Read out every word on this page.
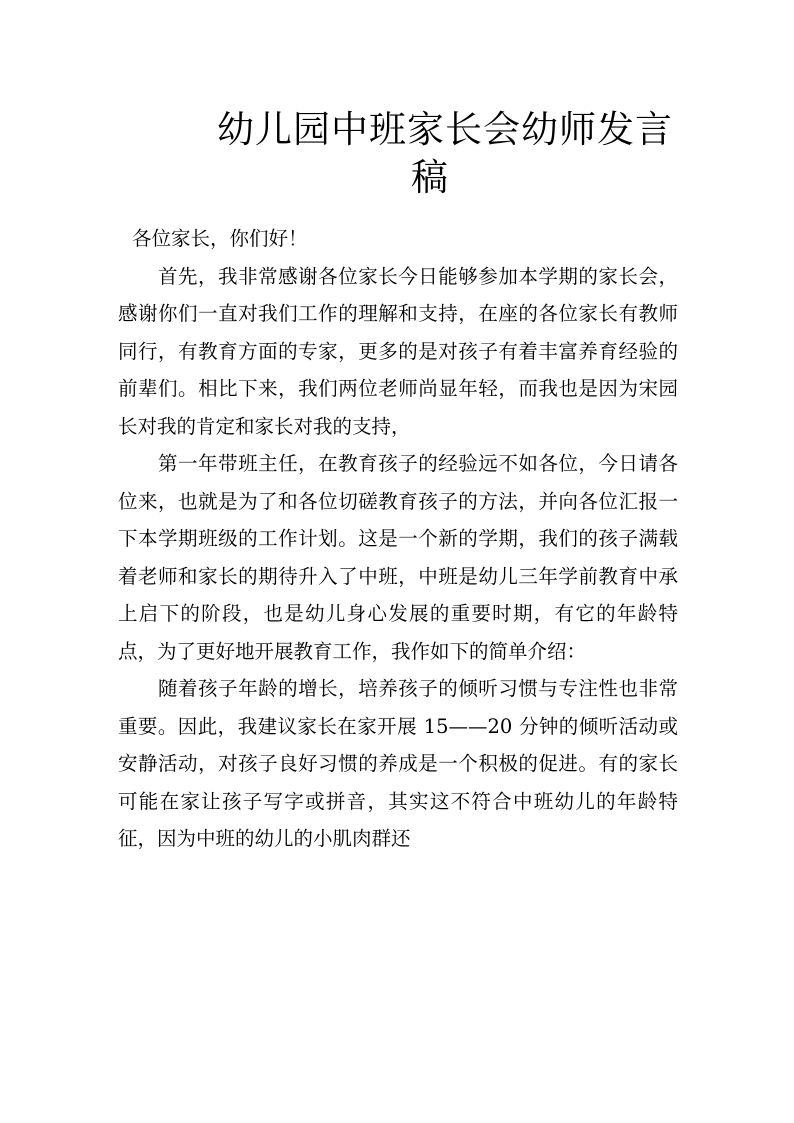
幼儿园中班家长会幼师发言
稿

各位家长，你们好！

首先，我非常感谢各位家长今日能够参加本学期的家长会，感谢你们一直对我们工作的理解和支持，在座的各位家长有教师同行，有教育方面的专家，更多的是对孩子有着丰富养育经验的前辈们。相比下来，我们两位老师尚显年轻，而我也是因为宋园长对我的肯定和家长对我的支持，

第一年带班主任，在教育孩子的经验远不如各位，今日请各位来，也就是为了和各位切磋教育孩子的方法，并向各位汇报一下本学期班级的工作计划。这是一个新的学期，我们的孩子满载着老师和家长的期待升入了中班，中班是幼儿三年学前教育中承上启下的阶段，也是幼儿身心发展的重要时期，有它的年龄特点，为了更好地开展教育工作，我作如下的简单介绍：

随着孩子年龄的增长，培养孩子的倾听习惯与专注性也非常重要。因此，我建议家长在家开展 15——20 分钟的倾听活动或安静活动，对孩子良好习惯的养成是一个积极的促进。有的家长可能在家让孩子写字或拼音，其实这不符合中班幼儿的年龄特征，因为中班的幼儿的小肌肉群还
